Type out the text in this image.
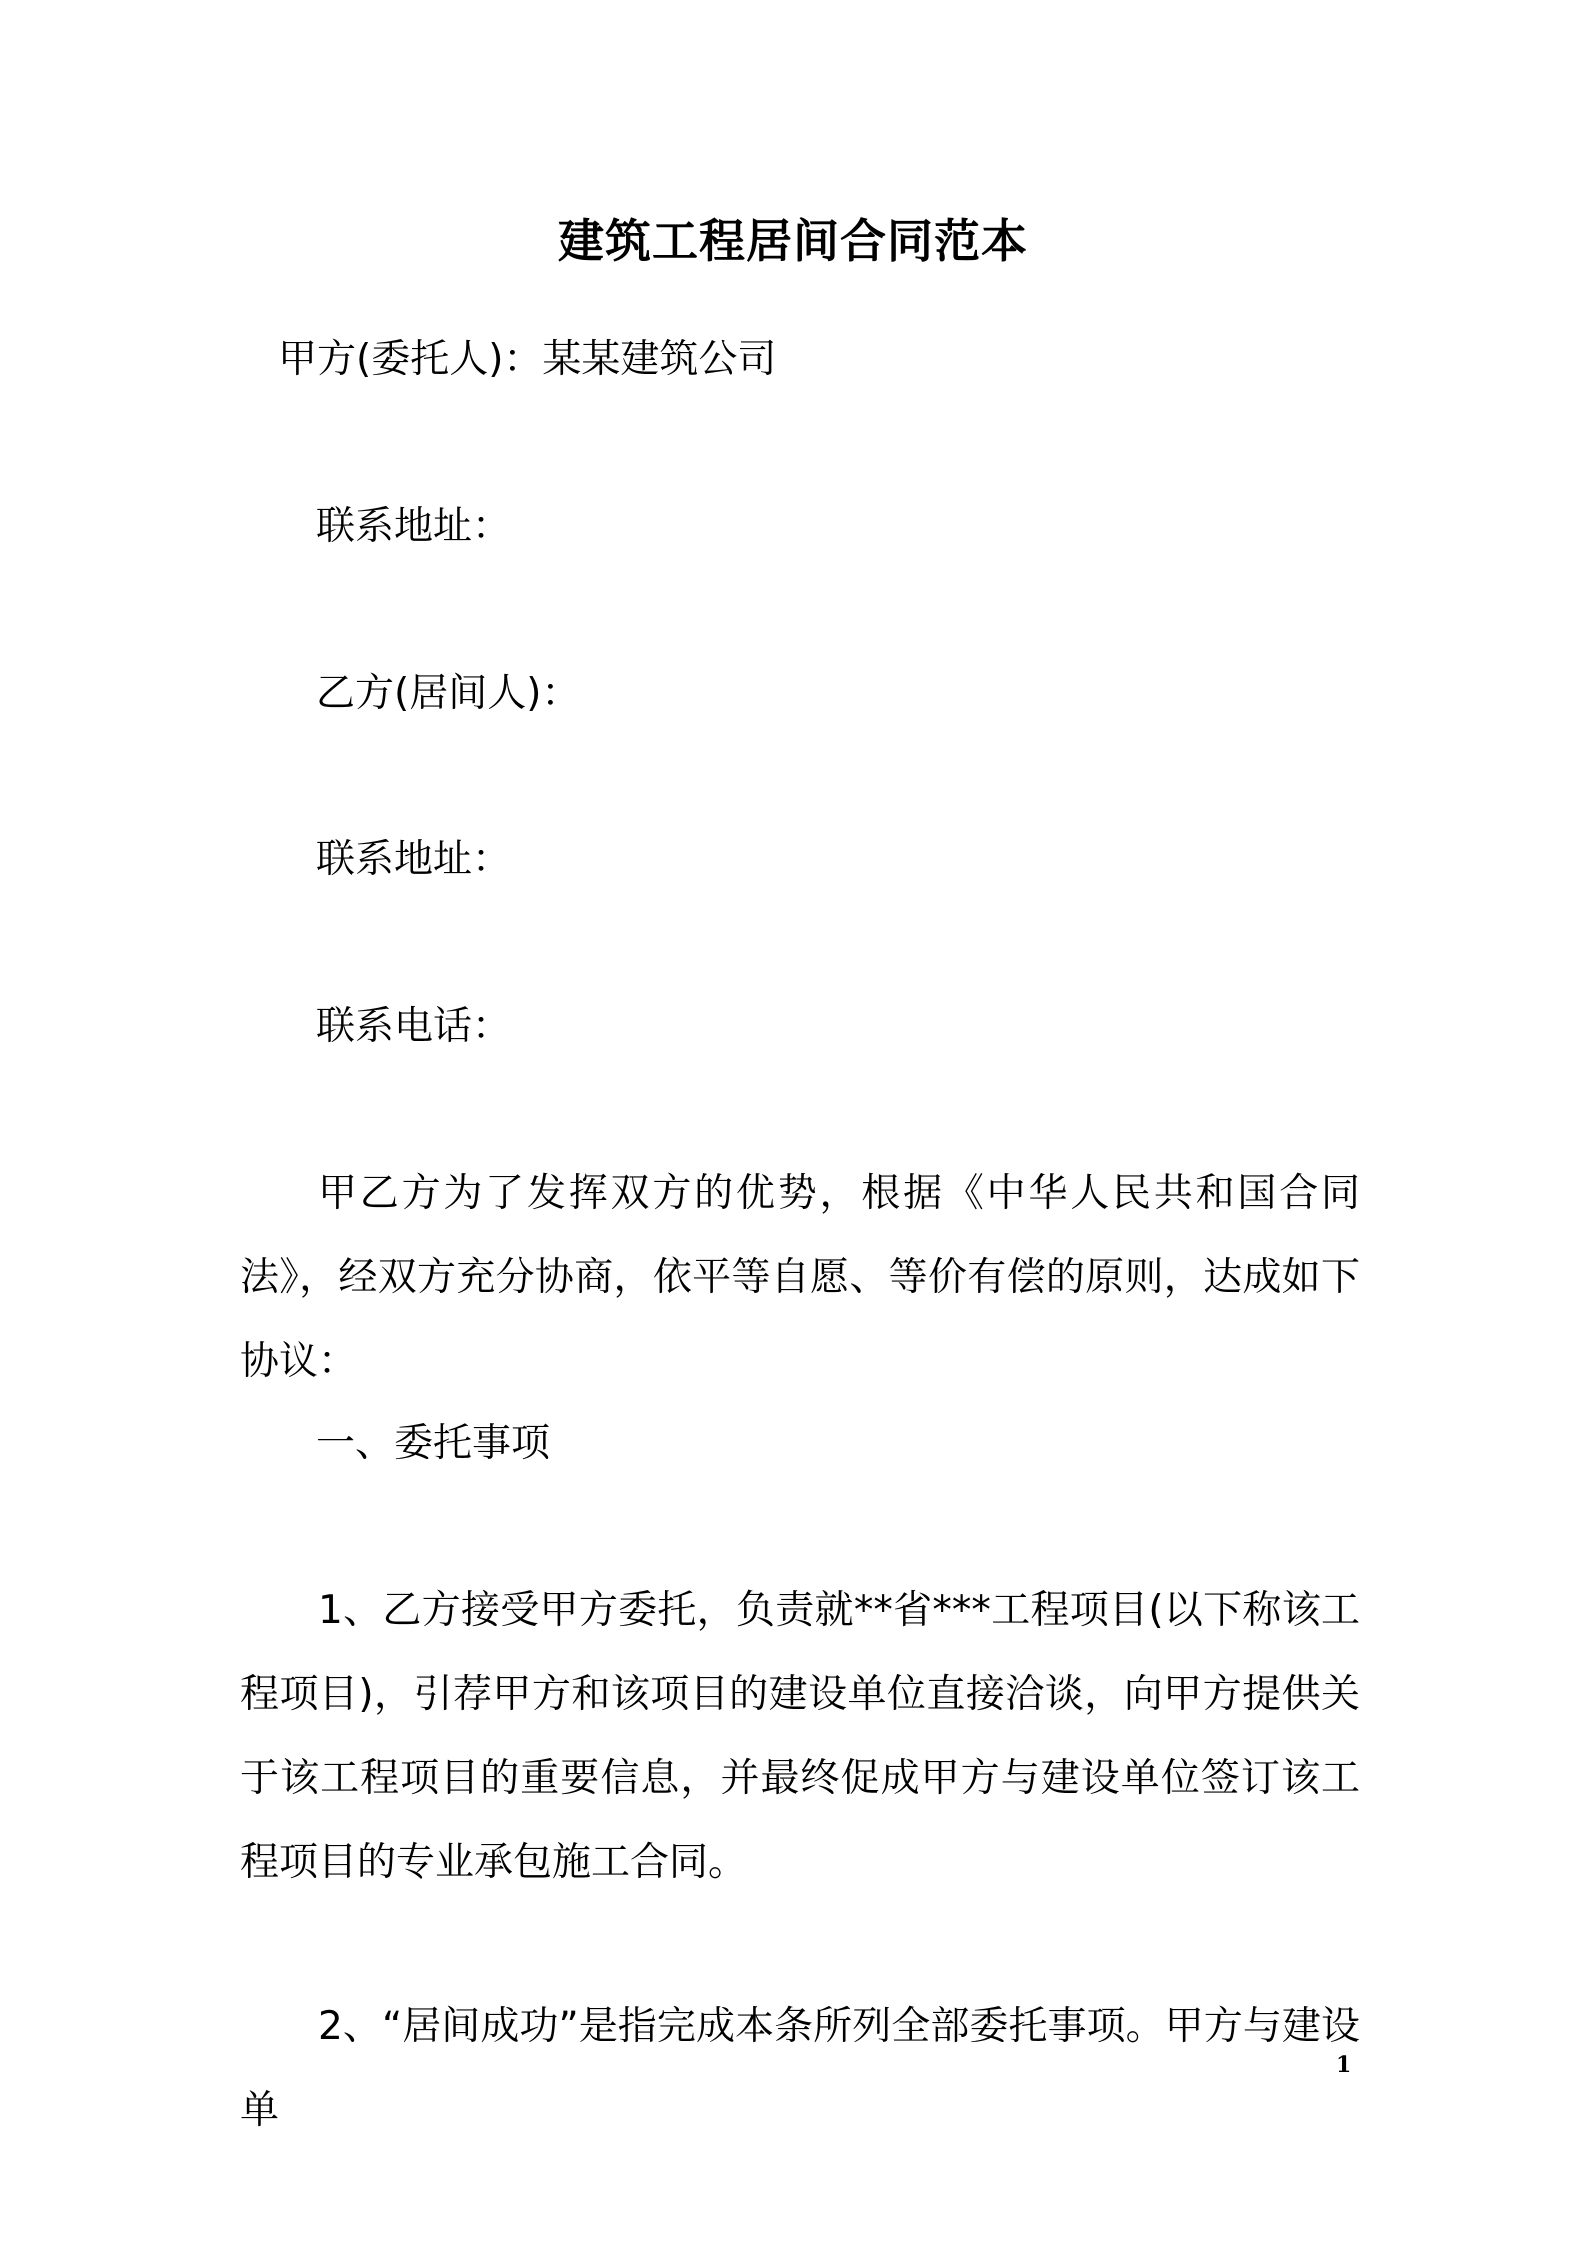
建筑工程居间合同范本
甲方(委托人)：某某建筑公司
联系地址：
乙方(居间人)：
联系地址：
联系电话：
甲乙方为了发挥双方的优势，根据《中华人民共和国合同法》，经双方充分协商，依平等自愿、等价有偿的原则，达成如下协议：
一、委托事项
1、乙方接受甲方委托，负责就**省***工程项目(以下称该工程项目)，引荐甲方和该项目的建设单位直接洽谈，向甲方提供关于该工程项目的重要信息，并最终促成甲方与建设单位签订该工程项目的专业承包施工合同。
2、“居间成功”是指完成本条所列全部委托事项。甲方与建设单
1
